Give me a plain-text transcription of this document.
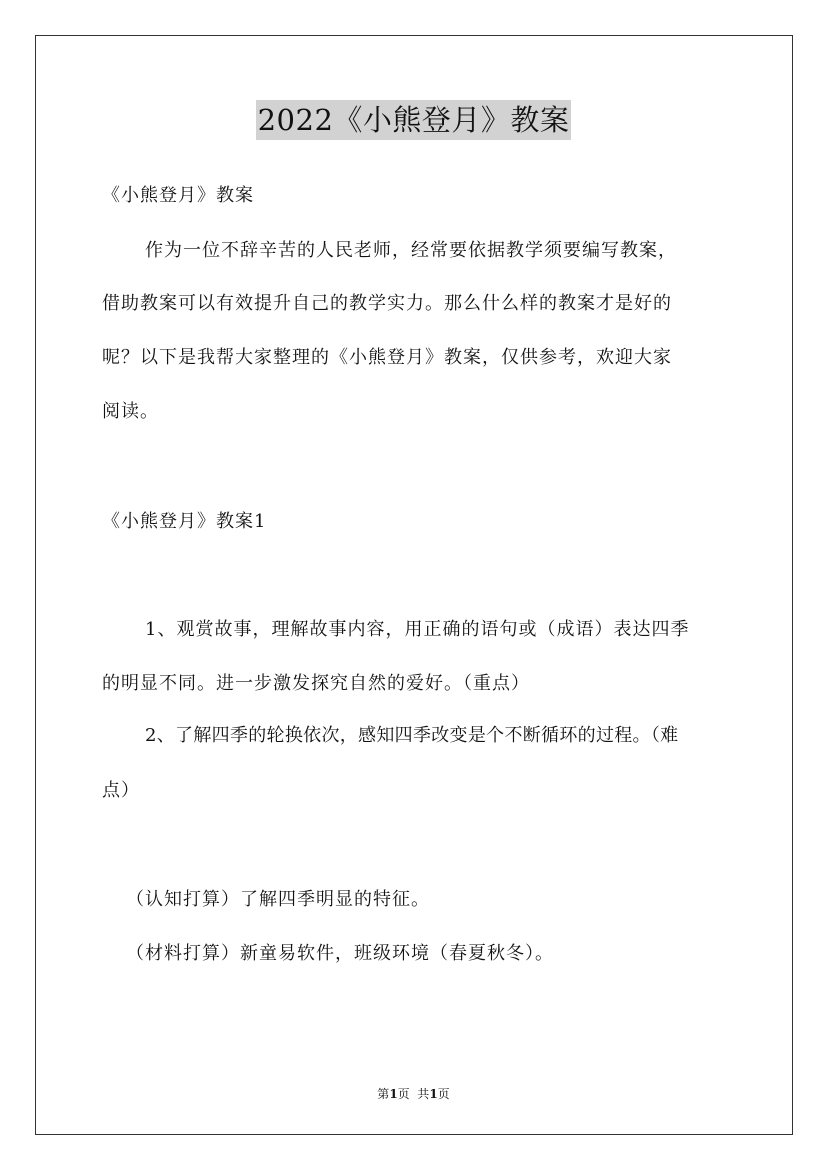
2022《小熊登月》教案
《小熊登月》教案
作为一位不辞辛苦的人民老师，经常要依据教学须要编写教案，
借助教案可以有效提升自己的教学实力。那么什么样的教案才是好的
呢？以下是我帮大家整理的《小熊登月》教案，仅供参考，欢迎大家
阅读。
《小熊登月》教案1
1、观赏故事，理解故事内容，用正确的语句或（成语）表达四季
的明显不同。进一步激发探究自然的爱好。（重点）
2、了解四季的轮换依次，感知四季改变是个不断循环的过程。（难
点）
（认知打算）了解四季明显的特征。
（材料打算）新童易软件，班级环境（春夏秋冬）。
第1页  共1页
